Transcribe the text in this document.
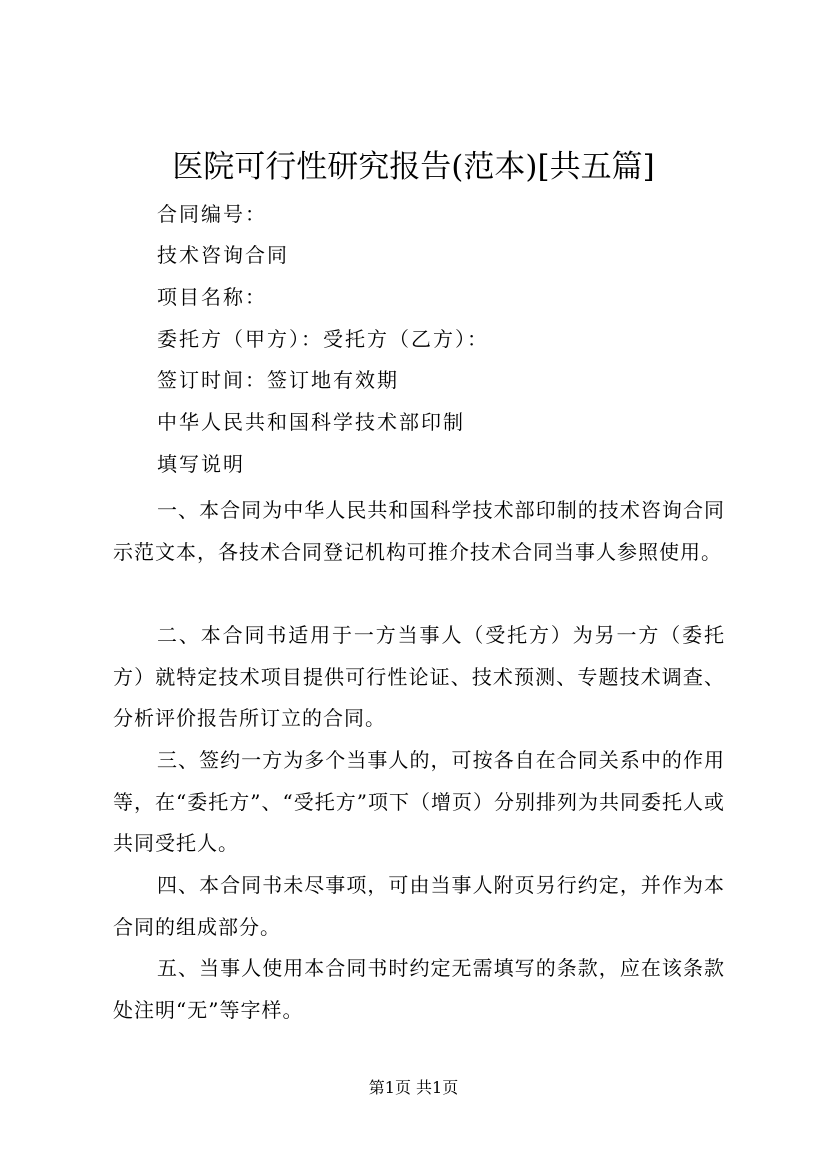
医院可行性研究报告(范本)[共五篇]
合同编号：
技术咨询合同
项目名称：
委托方（甲方）：受托方（乙方）：
签订时间：签订地有效期
中华人民共和国科学技术部印制
填写说明

一、本合同为中华人民共和国科学技术部印制的技术咨询合同示范文本，各技术合同登记机构可推介技术合同当事人参照使用。

二、本合同书适用于一方当事人（受托方）为另一方（委托方）就特定技术项目提供可行性论证、技术预测、专题技术调查、分析评价报告所订立的合同。

三、签约一方为多个当事人的，可按各自在合同关系中的作用等，在“委托方”、“受托方”项下（增页）分别排列为共同委托人或共同受托人。

四、本合同书未尽事项，可由当事人附页另行约定，并作为本合同的组成部分。

五、当事人使用本合同书时约定无需填写的条款，应在该条款处注明“无”等字样。

第1页 共1页
